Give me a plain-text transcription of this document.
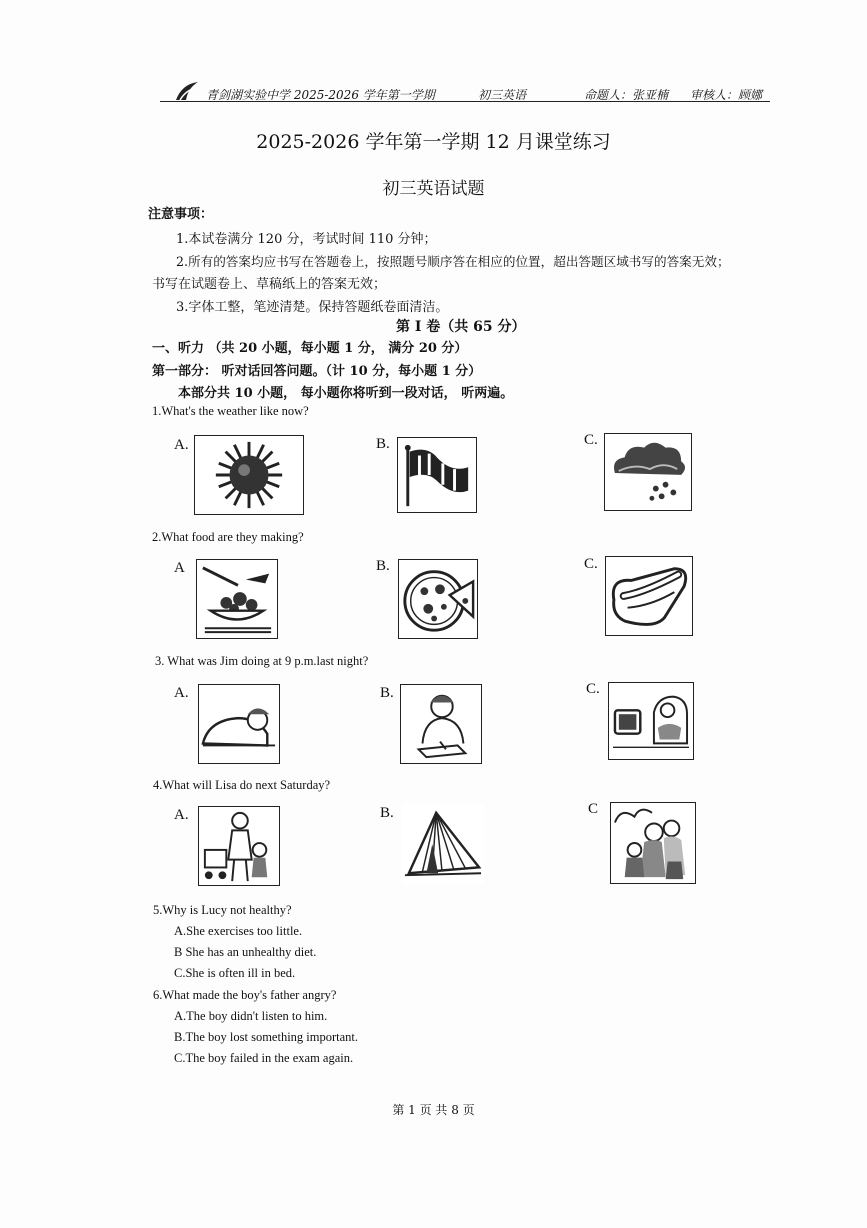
青剑湖实验中学 2025-2026 学年第一学期	初三英语	命题人：张亚楠 审核人：顾娜
2025-2026 学年第一学期 12 月课堂练习
初三英语试题
注意事项：
1.本试卷满分 120 分，考试时间 110 分钟；
2.所有的答案均应书写在答题卷上，按照题号顺序答在相应的位置，超出答题区域书写的答案无效；
书写在试题卷上、草稿纸上的答案无效；
3.字体工整，笔迹清楚。保持答题纸卷面清洁。
第 I 卷（共 65 分）
一、听力 （共 20 小题，每小题 1 分， 满分 20 分）
第一部分： 听对话回答问题。（计 10 分，每小题 1 分）
本部分共 10 小题， 每小题你将听到一段对话， 听两遍。
1.What's the weather like now?
A.	B.	C.
2.What food are they making?
A	B.	C.
3. What was Jim doing at 9 p.m.last night?
A.	B.	C.
4.What will Lisa do next Saturday?
A.	B.	C
5.Why is Lucy not healthy?
A.She exercises too little.
B She has an unhealthy diet.
C.She is often ill in bed.
6.What made the boy's father angry?
A.The boy didn't listen to him.
B.The boy lost something important.
C.The boy failed in the exam again.
第 1 页 共 8 页
